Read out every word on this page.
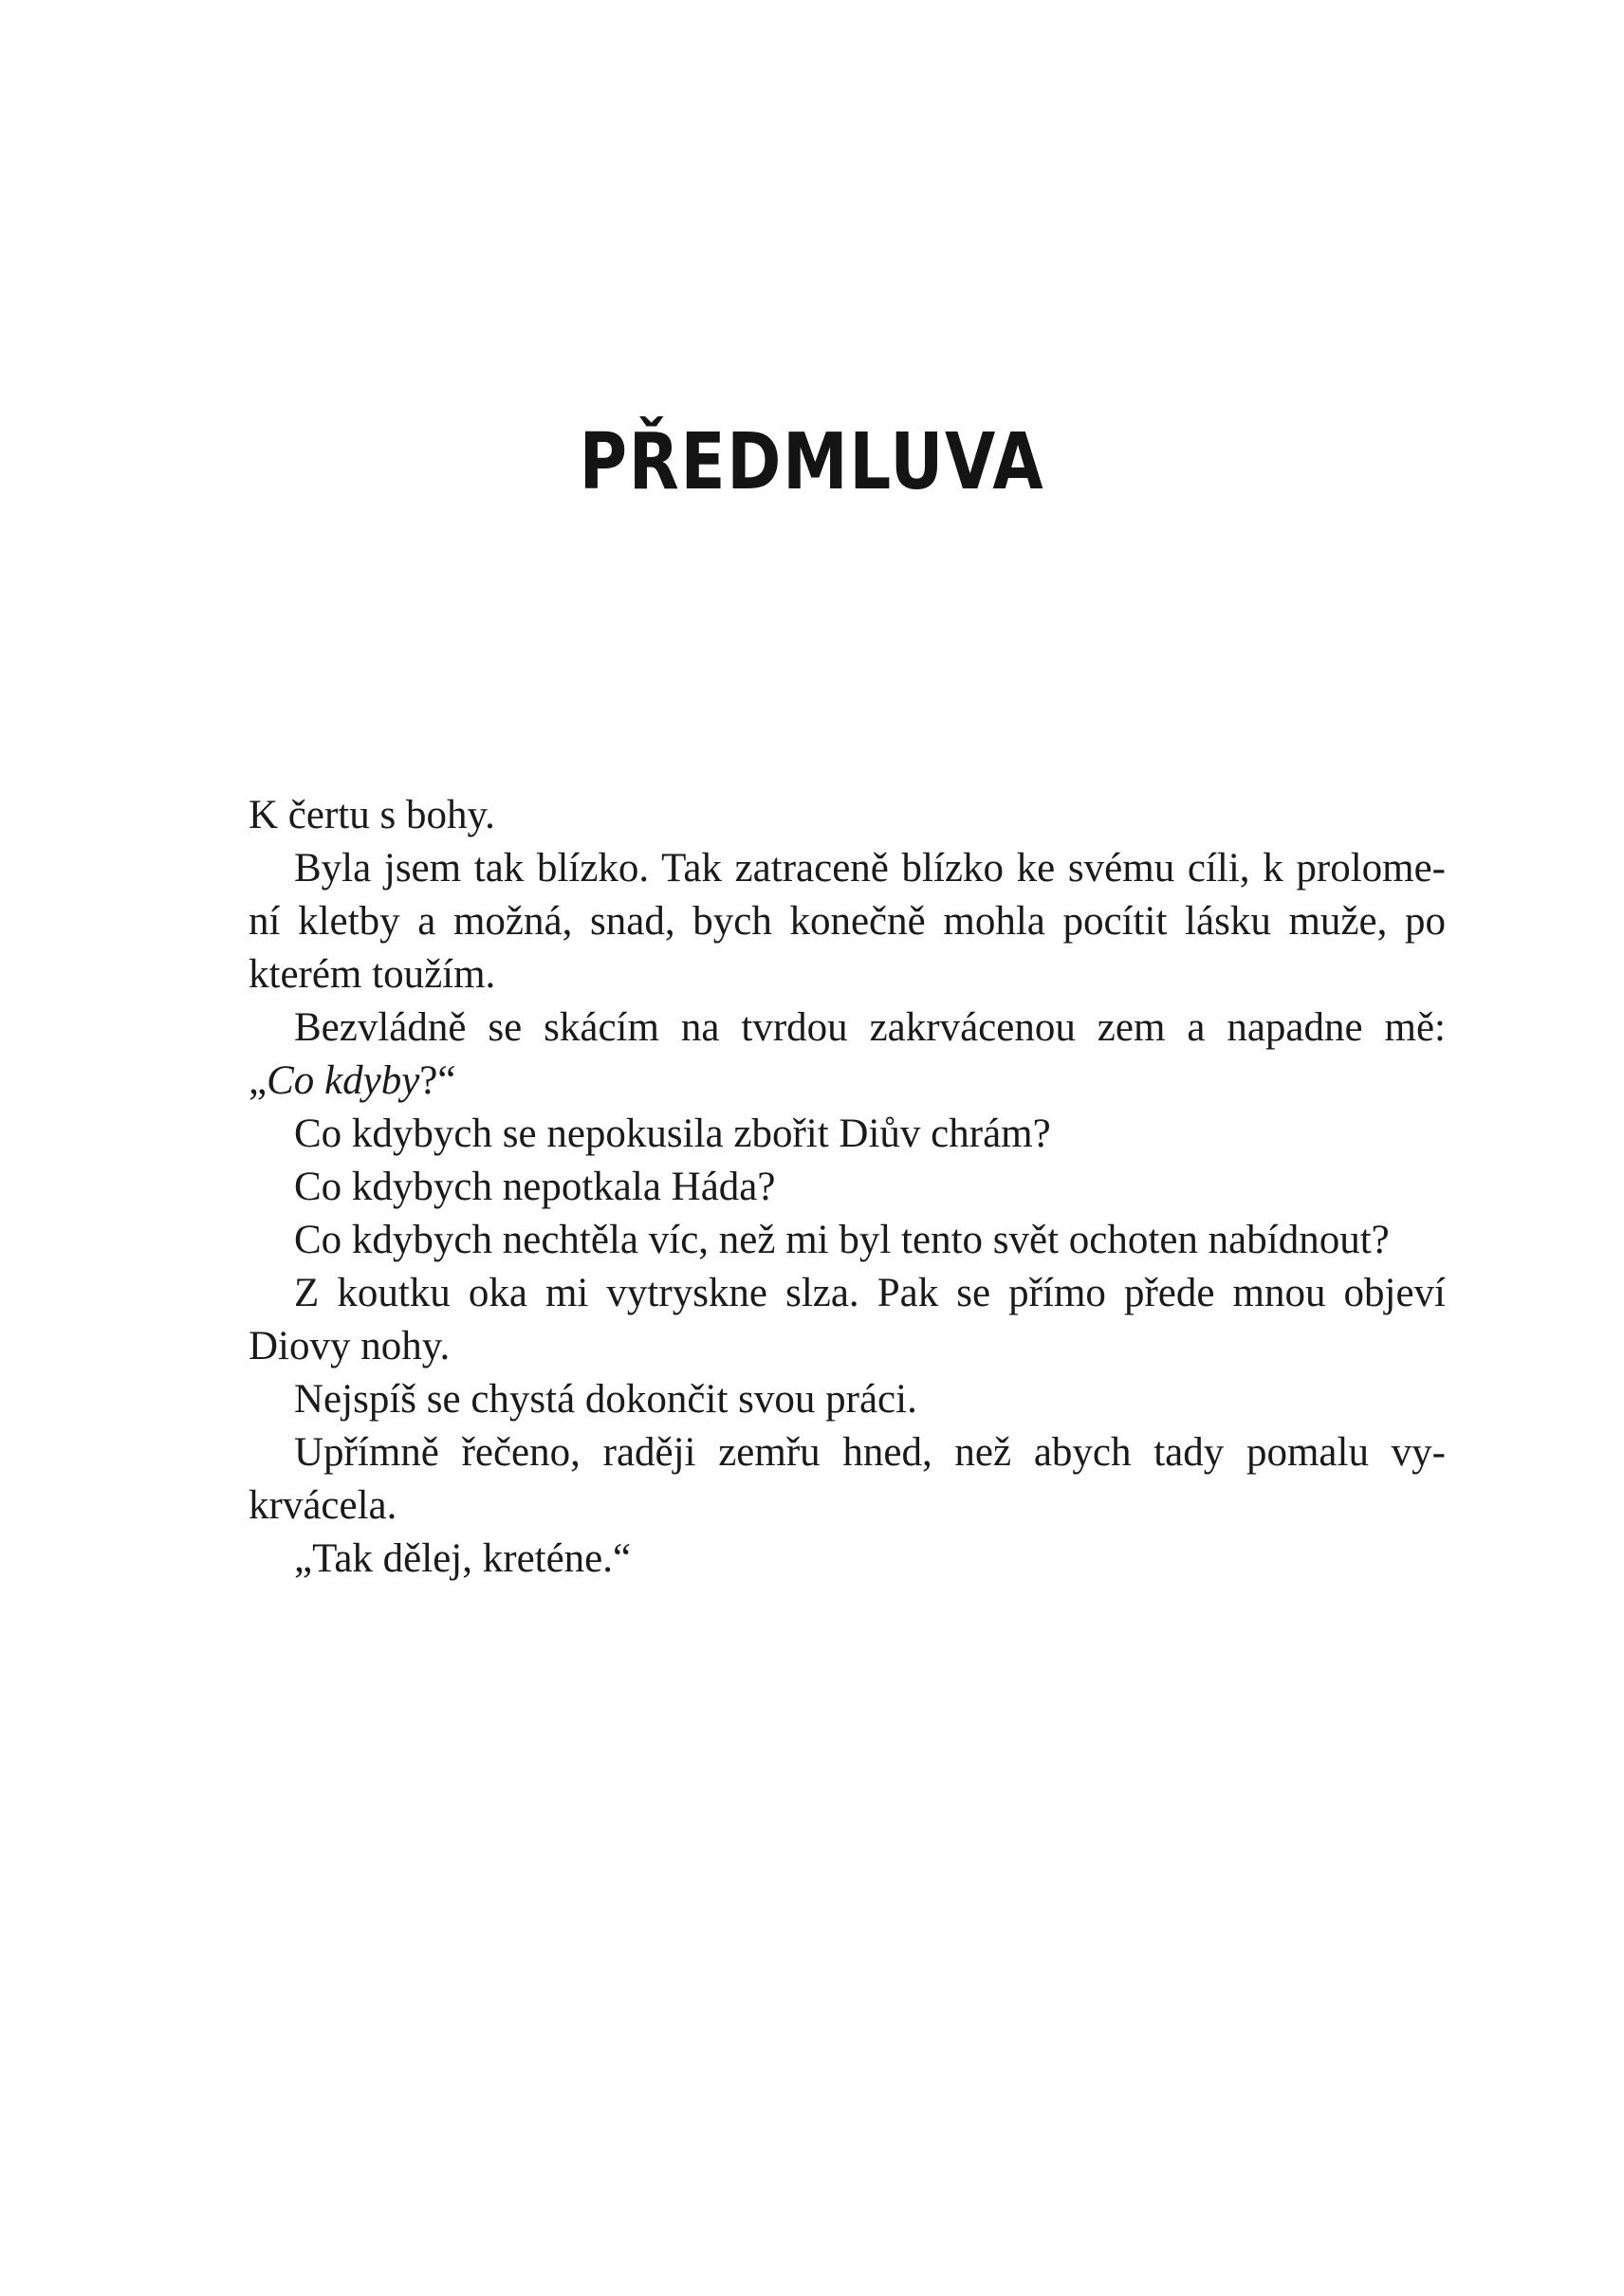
PŘEDMLUVA
K čertu s bohy.
Byla jsem tak blízko. Tak zatraceně blízko ke svému cíli, k prolome-
ní kletby a možná, snad, bych konečně mohla pocítit lásku muže, po
kterém toužím.
Bezvládně se skácím na tvrdou zakrvácenou zem a napadne mě:
„Co kdyby?“
Co kdybych se nepokusila zbořit Diův chrám?
Co kdybych nepotkala Háda?
Co kdybych nechtěla víc, než mi byl tento svět ochoten nabídnout?
Z koutku oka mi vytryskne slza. Pak se přímo přede mnou objeví
Diovy nohy.
Nejspíš se chystá dokončit svou práci.
Upřímně řečeno, raději zemřu hned, než abych tady pomalu vy-
krvácela.
„Tak dělej, kreténe.“
